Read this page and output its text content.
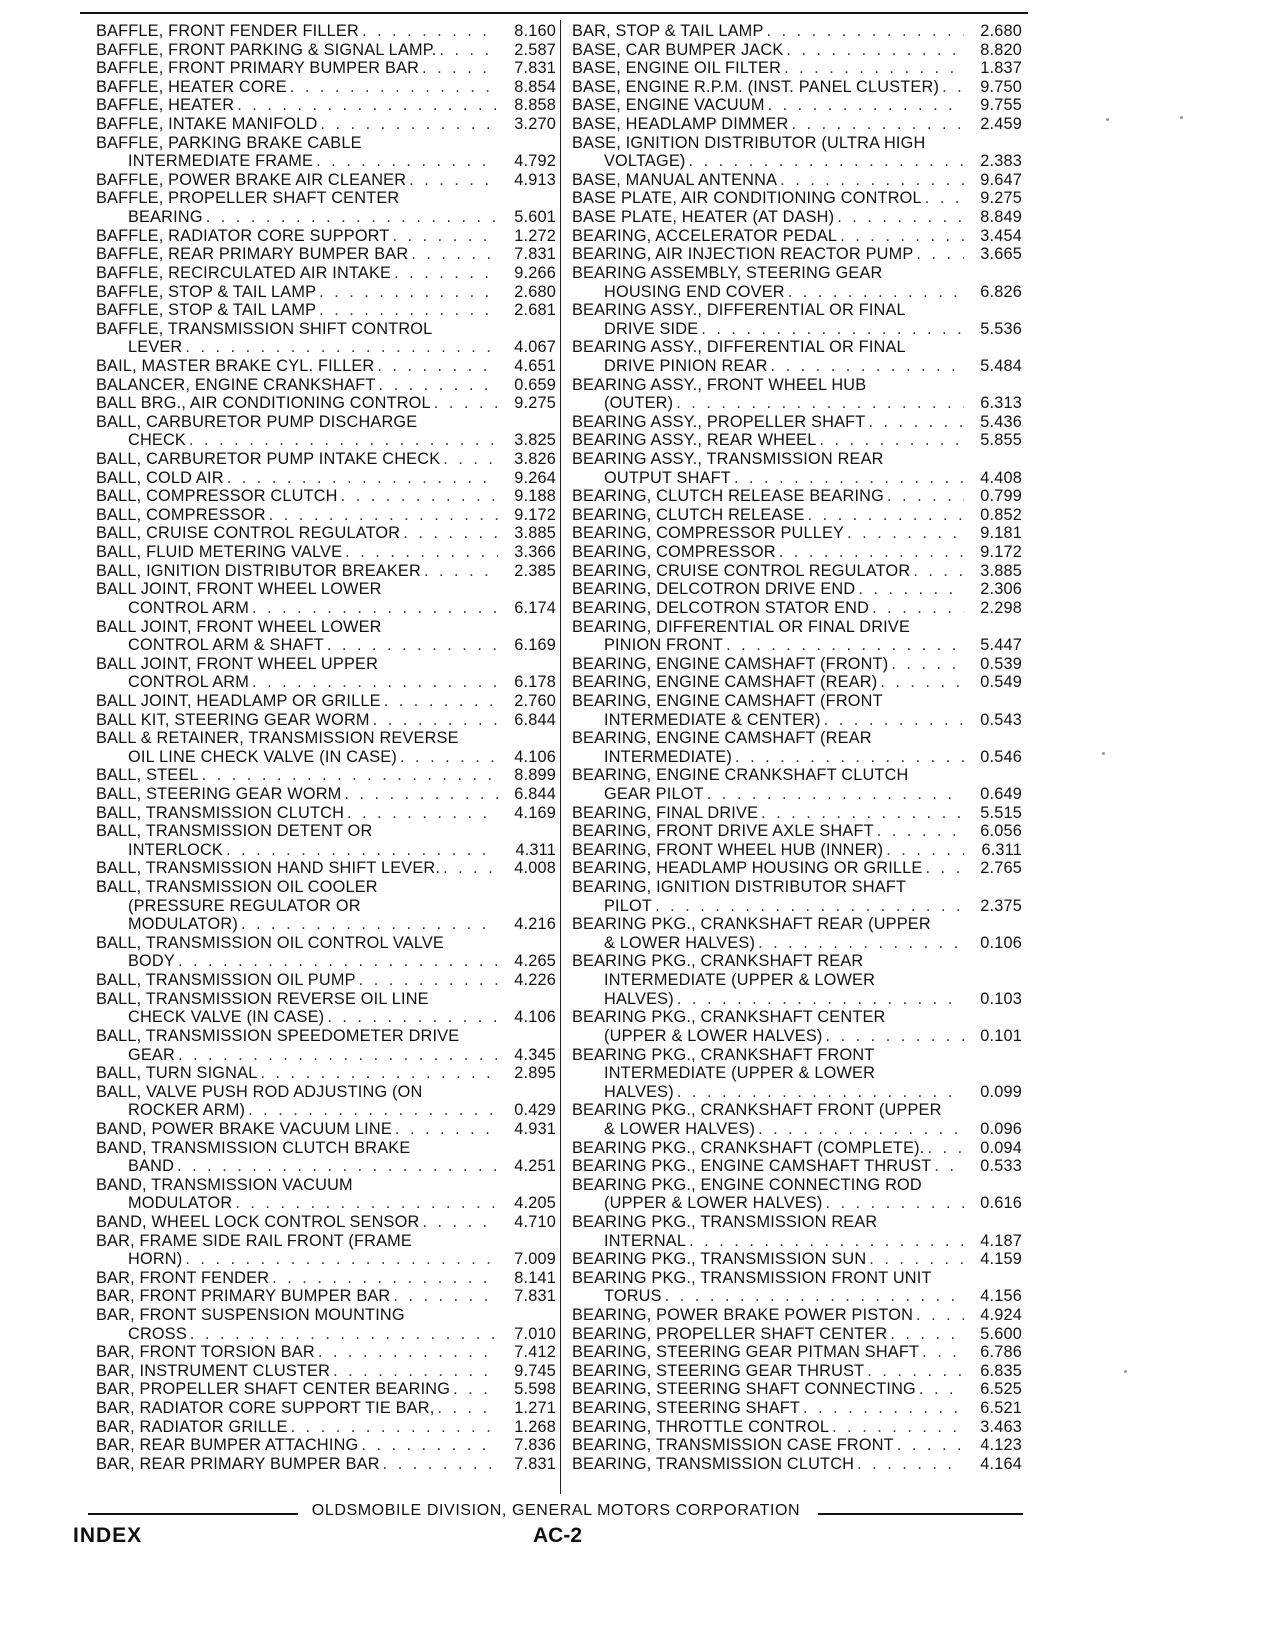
BAFFLE, FRONT FENDER FILLER . . .	8.160
BAFFLE, FRONT PARKING & SIGNAL LAMP. . . .	2.587
BAFFLE, FRONT PRIMARY BUMPER BAR . . .	7.831
BAFFLE, HEATER CORE . . .	8.854
BAFFLE, HEATER . . .	8.858
BAFFLE, INTAKE MANIFOLD . . .	3.270
BAFFLE, PARKING BRAKE CABLE
INTERMEDIATE FRAME . . .	4.792
BAFFLE, POWER BRAKE AIR CLEANER . . .	4.913
BAFFLE, PROPELLER SHAFT CENTER
BEARING . . .	5.601
BAFFLE, RADIATOR CORE SUPPORT . . .	1.272
BAFFLE, REAR PRIMARY BUMPER BAR . . .	7.831
BAFFLE, RECIRCULATED AIR INTAKE . . .	9.266
BAFFLE, STOP & TAIL LAMP . . .	2.680
BAFFLE, STOP & TAIL LAMP . . .	2.681
BAFFLE, TRANSMISSION SHIFT CONTROL
LEVER . . .	4.067
BAIL, MASTER BRAKE CYL. FILLER . . .	4.651
BALANCER, ENGINE CRANKSHAFT . . .	0.659
BALL BRG., AIR CONDITIONING CONTROL . . .	9.275
BALL, CARBURETOR PUMP DISCHARGE
CHECK . . .	3.825
BALL, CARBURETOR PUMP INTAKE CHECK . . .	3.826
BALL, COLD AIR . . .	9.264
BALL, COMPRESSOR CLUTCH . . .	9.188
BALL, COMPRESSOR . . .	9.172
BALL, CRUISE CONTROL REGULATOR . . .	3.885
BALL, FLUID METERING VALVE . . .	3.366
BALL, IGNITION DISTRIBUTOR BREAKER . . .	2.385
BALL JOINT, FRONT WHEEL LOWER
CONTROL ARM . . .	6.174
BALL JOINT, FRONT WHEEL LOWER
CONTROL ARM & SHAFT . . .	6.169
BALL JOINT, FRONT WHEEL UPPER
CONTROL ARM . . .	6.178
BALL JOINT, HEADLAMP OR GRILLE . . .	2.760
BALL KIT, STEERING GEAR WORM . . .	6.844
BALL & RETAINER, TRANSMISSION REVERSE
OIL LINE CHECK VALVE (IN CASE) . . .	4.106
BALL, STEEL . . .	8.899
BALL, STEERING GEAR WORM . . .	6.844
BALL, TRANSMISSION CLUTCH . . .	4.169
BALL, TRANSMISSION DETENT OR
INTERLOCK . . .	4.311
BALL, TRANSMISSION HAND SHIFT LEVER. . . .	4.008
BALL, TRANSMISSION OIL COOLER
(PRESSURE REGULATOR OR
MODULATOR) . . .	4.216
BALL, TRANSMISSION OIL CONTROL VALVE
BODY . . .	4.265
BALL, TRANSMISSION OIL PUMP . . .	4.226
BALL, TRANSMISSION REVERSE OIL LINE
CHECK VALVE (IN CASE) . . .	4.106
BALL, TRANSMISSION SPEEDOMETER DRIVE
GEAR . . .	4.345
BALL, TURN SIGNAL . . .	2.895
BALL, VALVE PUSH ROD ADJUSTING (ON
ROCKER ARM) . . .	0.429
BAND, POWER BRAKE VACUUM LINE . . .	4.931
BAND, TRANSMISSION CLUTCH BRAKE
BAND . . .	4.251
BAND, TRANSMISSION VACUUM
MODULATOR . . .	4.205
BAND, WHEEL LOCK CONTROL SENSOR . . .	4.710
BAR, FRAME SIDE RAIL FRONT (FRAME
HORN) . . .	7.009
BAR, FRONT FENDER . . .	8.141
BAR, FRONT PRIMARY BUMPER BAR . . .	7.831
BAR, FRONT SUSPENSION MOUNTING
CROSS . . .	7.010
BAR, FRONT TORSION BAR . . .	7.412
BAR, INSTRUMENT CLUSTER . . .	9.745
BAR, PROPELLER SHAFT CENTER BEARING . . .	5.598
BAR, RADIATOR CORE SUPPORT TIE BAR, . . .	1.271
BAR, RADIATOR GRILLE . . .	1.268
BAR, REAR BUMPER ATTACHING . . .	7.836
BAR, REAR PRIMARY BUMPER BAR . . .	7.831
BAR, STOP & TAIL LAMP . . .	2.680
BASE, CAR BUMPER JACK . . .	8.820
BASE, ENGINE OIL FILTER . . .	1.837
BASE, ENGINE R.P.M. (INST. PANEL CLUSTER) . . .	9.750
BASE, ENGINE VACUUM . . .	9.755
BASE, HEADLAMP DIMMER . . .	2.459
BASE, IGNITION DISTRIBUTOR (ULTRA HIGH
VOLTAGE) . . .	2.383
BASE, MANUAL ANTENNA . . .	9.647
BASE PLATE, AIR CONDITIONING CONTROL . . .	9.275
BASE PLATE, HEATER (AT DASH) . . .	8.849
BEARING, ACCELERATOR PEDAL . . .	3.454
BEARING, AIR INJECTION REACTOR PUMP . . .	3.665
BEARING ASSEMBLY, STEERING GEAR
HOUSING END COVER . . .	6.826
BEARING ASSY., DIFFERENTIAL OR FINAL
DRIVE SIDE . . .	5.536
BEARING ASSY., DIFFERENTIAL OR FINAL
DRIVE PINION REAR . . .	5.484
BEARING ASSY., FRONT WHEEL HUB
(OUTER) . . .	6.313
BEARING ASSY., PROPELLER SHAFT . . .	5.436
BEARING ASSY., REAR WHEEL . . .	5.855
BEARING ASSY., TRANSMISSION REAR
OUTPUT SHAFT . . .	4.408
BEARING, CLUTCH RELEASE BEARING . . .	0.799
BEARING, CLUTCH RELEASE . . .	0.852
BEARING, COMPRESSOR PULLEY . . .	9.181
BEARING, COMPRESSOR . . .	9.172
BEARING, CRUISE CONTROL REGULATOR . . .	3.885
BEARING, DELCOTRON DRIVE END . . .	2.306
BEARING, DELCOTRON STATOR END . . .	2.298
BEARING, DIFFERENTIAL OR FINAL DRIVE
PINION FRONT . . .	5.447
BEARING, ENGINE CAMSHAFT (FRONT) . . .	0.539
BEARING, ENGINE CAMSHAFT (REAR) . . .	0.549
BEARING, ENGINE CAMSHAFT (FRONT
INTERMEDIATE & CENTER) . . .	0.543
BEARING, ENGINE CAMSHAFT (REAR
INTERMEDIATE) . . .	0.546
BEARING, ENGINE CRANKSHAFT CLUTCH
GEAR PILOT . . .	0.649
BEARING, FINAL DRIVE . . .	5.515
BEARING, FRONT DRIVE AXLE SHAFT . . .	6.056
BEARING, FRONT WHEEL HUB (INNER) . . .	6.311
BEARING, HEADLAMP HOUSING OR GRILLE . . .	2.765
BEARING, IGNITION DISTRIBUTOR SHAFT
PILOT . . .	2.375
BEARING PKG., CRANKSHAFT REAR (UPPER
& LOWER HALVES) . . .	0.106
BEARING PKG., CRANKSHAFT REAR
INTERMEDIATE (UPPER & LOWER
HALVES) . . .	0.103
BEARING PKG., CRANKSHAFT CENTER
(UPPER & LOWER HALVES) . . .	0.101
BEARING PKG., CRANKSHAFT FRONT
INTERMEDIATE (UPPER & LOWER
HALVES) . . .	0.099
BEARING PKG., CRANKSHAFT FRONT (UPPER
& LOWER HALVES) . . .	0.096
BEARING PKG., CRANKSHAFT (COMPLETE). . . .	0.094
BEARING PKG., ENGINE CAMSHAFT THRUST . . .	0.533
BEARING PKG., ENGINE CONNECTING ROD
(UPPER & LOWER HALVES) . . .	0.616
BEARING PKG., TRANSMISSION REAR
INTERNAL . . .	4.187
BEARING PKG., TRANSMISSION SUN . . .	4.159
BEARING PKG., TRANSMISSION FRONT UNIT
TORUS . . .	4.156
BEARING, POWER BRAKE POWER PISTON . . .	4.924
BEARING, PROPELLER SHAFT CENTER . . .	5.600
BEARING, STEERING GEAR PITMAN SHAFT . . .	6.786
BEARING, STEERING GEAR THRUST . . .	6.835
BEARING, STEERING SHAFT CONNECTING . . .	6.525
BEARING, STEERING SHAFT . . .	6.521
BEARING, THROTTLE CONTROL . . .	3.463
BEARING, TRANSMISSION CASE FRONT . . .	4.123
BEARING, TRANSMISSION CLUTCH . . .	4.164
OLDSMOBILE DIVISION, GENERAL MOTORS CORPORATION
INDEX	AC-2
